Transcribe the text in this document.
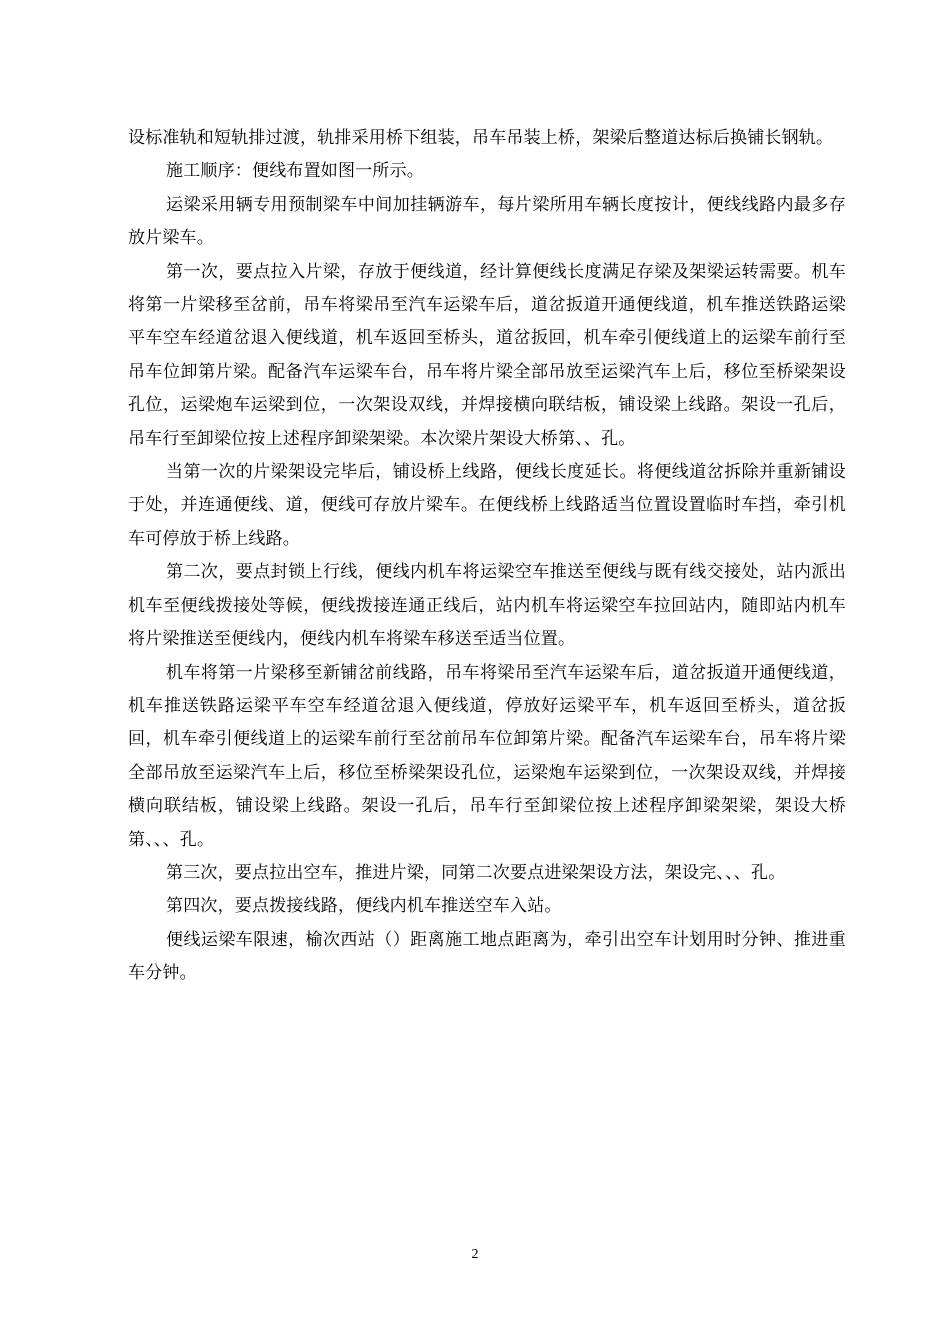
设标准轨和短轨排过渡，轨排采用桥下组装，吊车吊装上桥，架梁后整道达标后换铺长钢轨。

施工顺序：便线布置如图一所示。

运梁采用辆专用预制梁车中间加挂辆游车，每片梁所用车辆长度按计，便线线路内最多存放片梁车。

第一次，要点拉入片梁，存放于便线道，经计算便线长度满足存梁及架梁运转需要。机车将第一片梁移至岔前，吊车将梁吊至汽车运梁车后，道岔扳道开通便线道，机车推送铁路运梁平车空车经道岔退入便线道，机车返回至桥头，道岔扳回，机车牵引便线道上的运梁车前行至吊车位卸第片梁。配备汽车运梁车台，吊车将片梁全部吊放至运梁汽车上后，移位至桥梁架设孔位，运梁炮车运梁到位，一次架设双线，并焊接横向联结板，铺设梁上线路。架设一孔后，吊车行至卸梁位按上述程序卸梁架梁。本次梁片架设大桥第、、孔。

当第一次的片梁架设完毕后，铺设桥上线路，便线长度延长。将便线道岔拆除并重新铺设于处，并连通便线、道，便线可存放片梁车。在便线桥上线路适当位置设置临时车挡，牵引机车可停放于桥上线路。

第二次，要点封锁上行线，便线内机车将运梁空车推送至便线与既有线交接处，站内派出机车至便线拨接处等候，便线拨接连通正线后，站内机车将运梁空车拉回站内，随即站内机车将片梁推送至便线内，便线内机车将梁车移送至适当位置。

机车将第一片梁移至新铺岔前线路，吊车将梁吊至汽车运梁车后，道岔扳道开通便线道，机车推送铁路运梁平车空车经道岔退入便线道，停放好运梁平车，机车返回至桥头，道岔扳回，机车牵引便线道上的运梁车前行至岔前吊车位卸第片梁。配备汽车运梁车台，吊车将片梁全部吊放至运梁汽车上后，移位至桥梁架设孔位，运梁炮车运梁到位，一次架设双线，并焊接横向联结板，铺设梁上线路。架设一孔后，吊车行至卸梁位按上述程序卸梁架梁，架设大桥第、、、孔。

第三次，要点拉出空车，推进片梁，同第二次要点进梁架设方法，架设完、、、孔。

第四次，要点拨接线路，便线内机车推送空车入站。

便线运梁车限速，榆次西站（）距离施工地点距离为，牵引出空车计划用时分钟、推进重车分钟。

2
